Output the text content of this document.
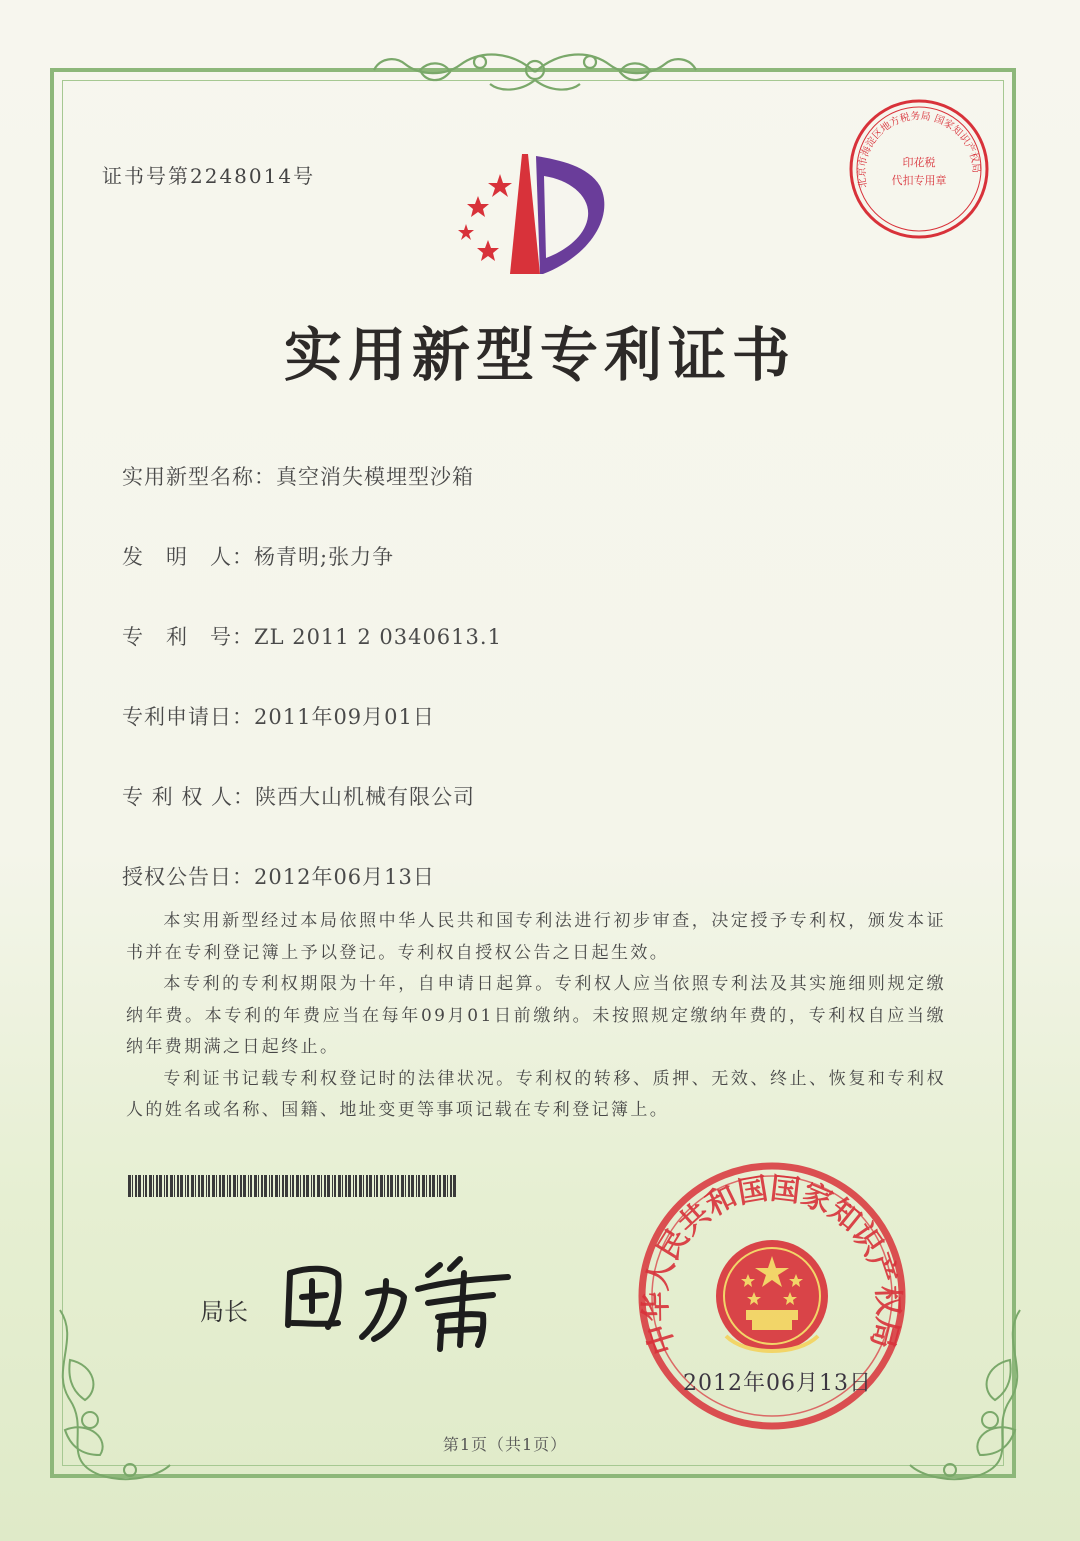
证书号第2248014号	北京市海淀区地方税务局 国家知识产权局
印花税
代扣专用章
实用新型专利证书
实用新型名称：真空消失模埋型沙箱
发　明　人：杨青明;张力争
专　利　号：ZL 2011 2 0340613.1
专利申请日：2011年09月01日
专 利 权 人：陕西大山机械有限公司
授权公告日：2012年06月13日

本实用新型经过本局依照中华人民共和国专利法进行初步审查，决定授予专利权，颁发本证书并在专利登记簿上予以登记。专利权自授权公告之日起生效。

本专利的专利权期限为十年，自申请日起算。专利权人应当依照专利法及其实施细则规定缴纳年费。本专利的年费应当在每年09月01日前缴纳。未按照规定缴纳年费的，专利权自应当缴纳年费期满之日起终止。

专利证书记载专利权登记时的法律状况。专利权的转移、质押、无效、终止、恢复和专利权人的姓名或名称、国籍、地址变更等事项记载在专利登记簿上。

局长
中华人民共和国国家知识产权局
2012年06月13日
第1页（共1页）
